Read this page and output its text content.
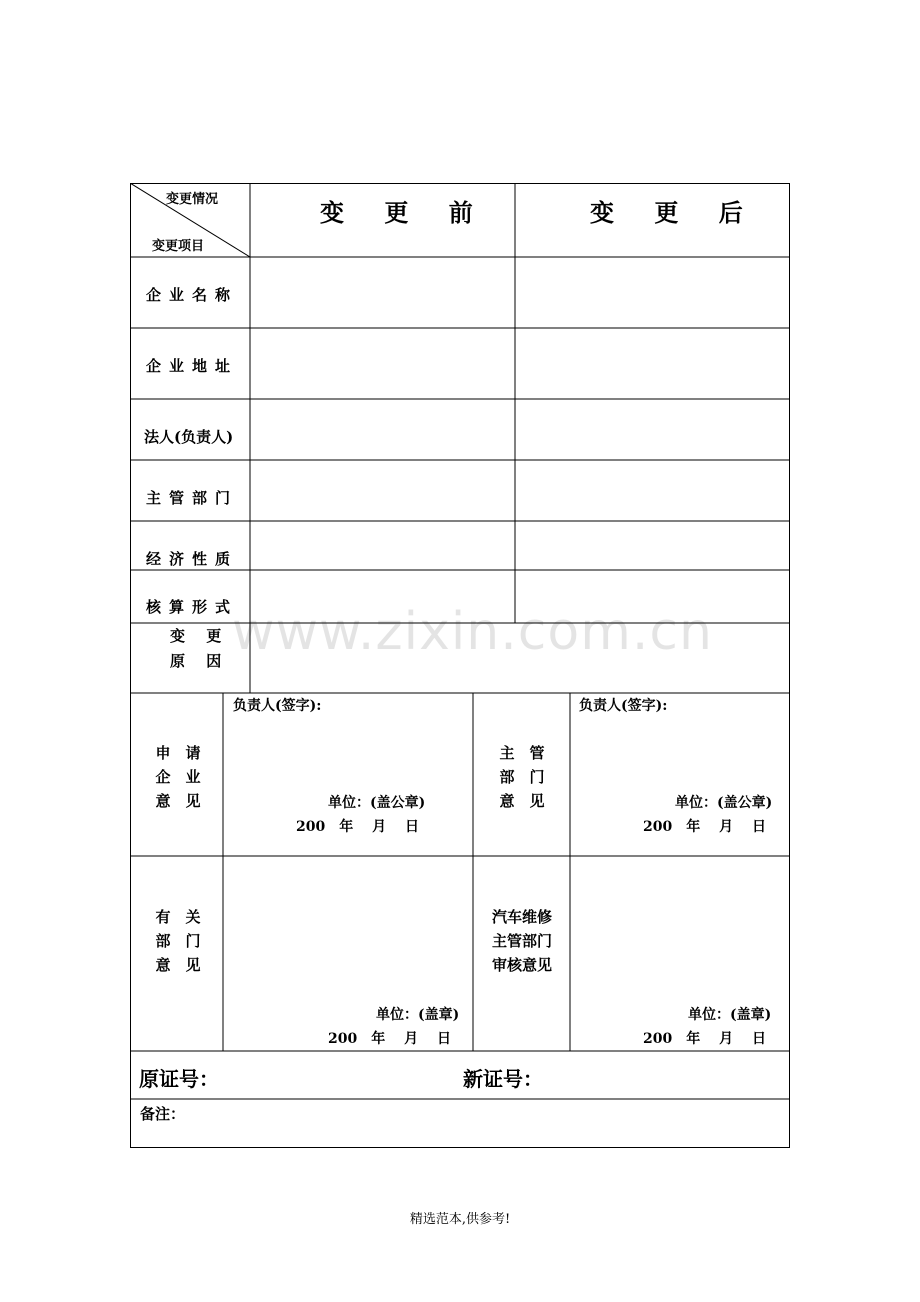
变更情况
变更项目
变 更 前	变 更 后
企业名称
企业地址
法人(负责人)
主管部门
经济性质
核算形式
变 更
原 因
申　请
企　业
意　见
负责人(签字):
单位：(盖公章)
200　年　 月　 日
主　管
部　门
意　见
负责人(签字):
单位：(盖公章)
200　年　 月　 日
有　关
部　门
意　见
单位：(盖章)
200　年　 月　 日
汽车维修
主管部门
审核意见
单位：(盖章)
200　年　 月　 日
原证号：	新证号：
备注：
www.zixin.com.cn
精选范本,供参考!
